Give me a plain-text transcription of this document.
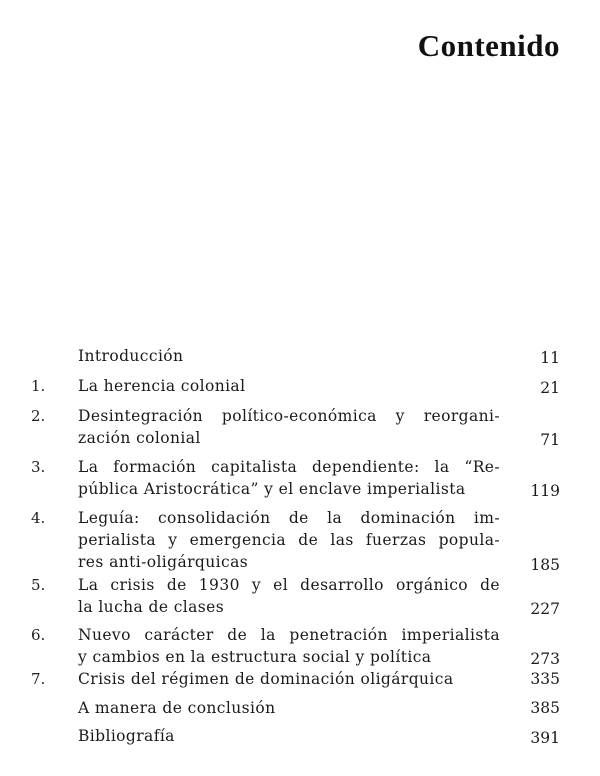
Contenido
Introducción	11
1. La herencia colonial	21
2. Desintegración político-económica y reorgani-
zación colonial	71
3. La formación capitalista dependiente: la “Re-
pública Aristocrática” y el enclave imperialista	119
4. Leguía: consolidación de la dominación im-
perialista y emergencia de las fuerzas popula-
res anti-oligárquicas	185
5. La crisis de 1930 y el desarrollo orgánico de
la lucha de clases	227
6. Nuevo carácter de la penetración imperialista
y cambios en la estructura social y política	273
7. Crisis del régimen de dominación oligárquica	335
A manera de conclusión	385
Bibliografía	391
